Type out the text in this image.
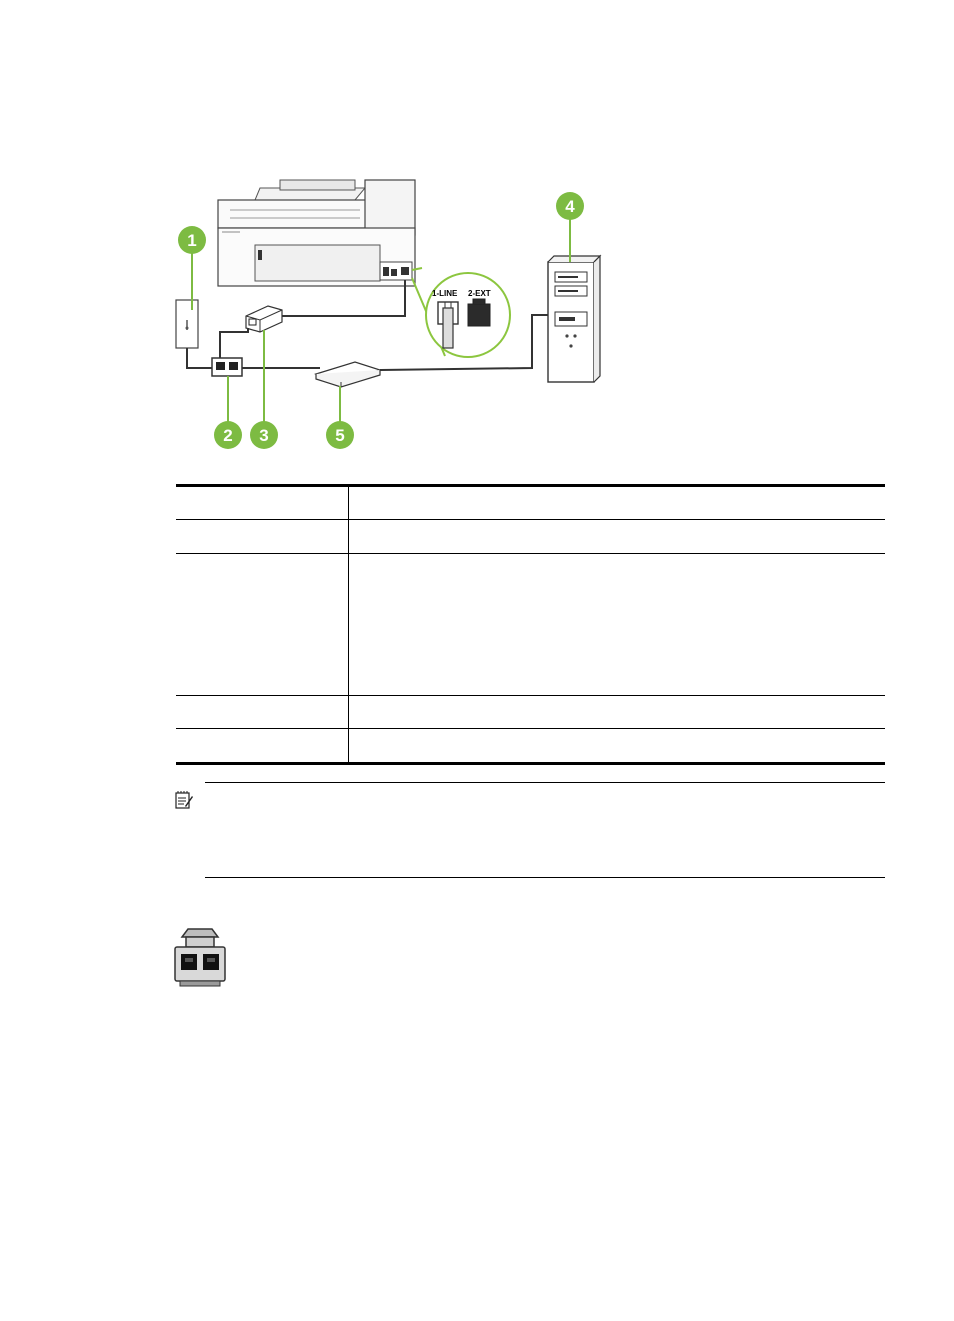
1-LINE 2-EXT
1
2 3
4
5
